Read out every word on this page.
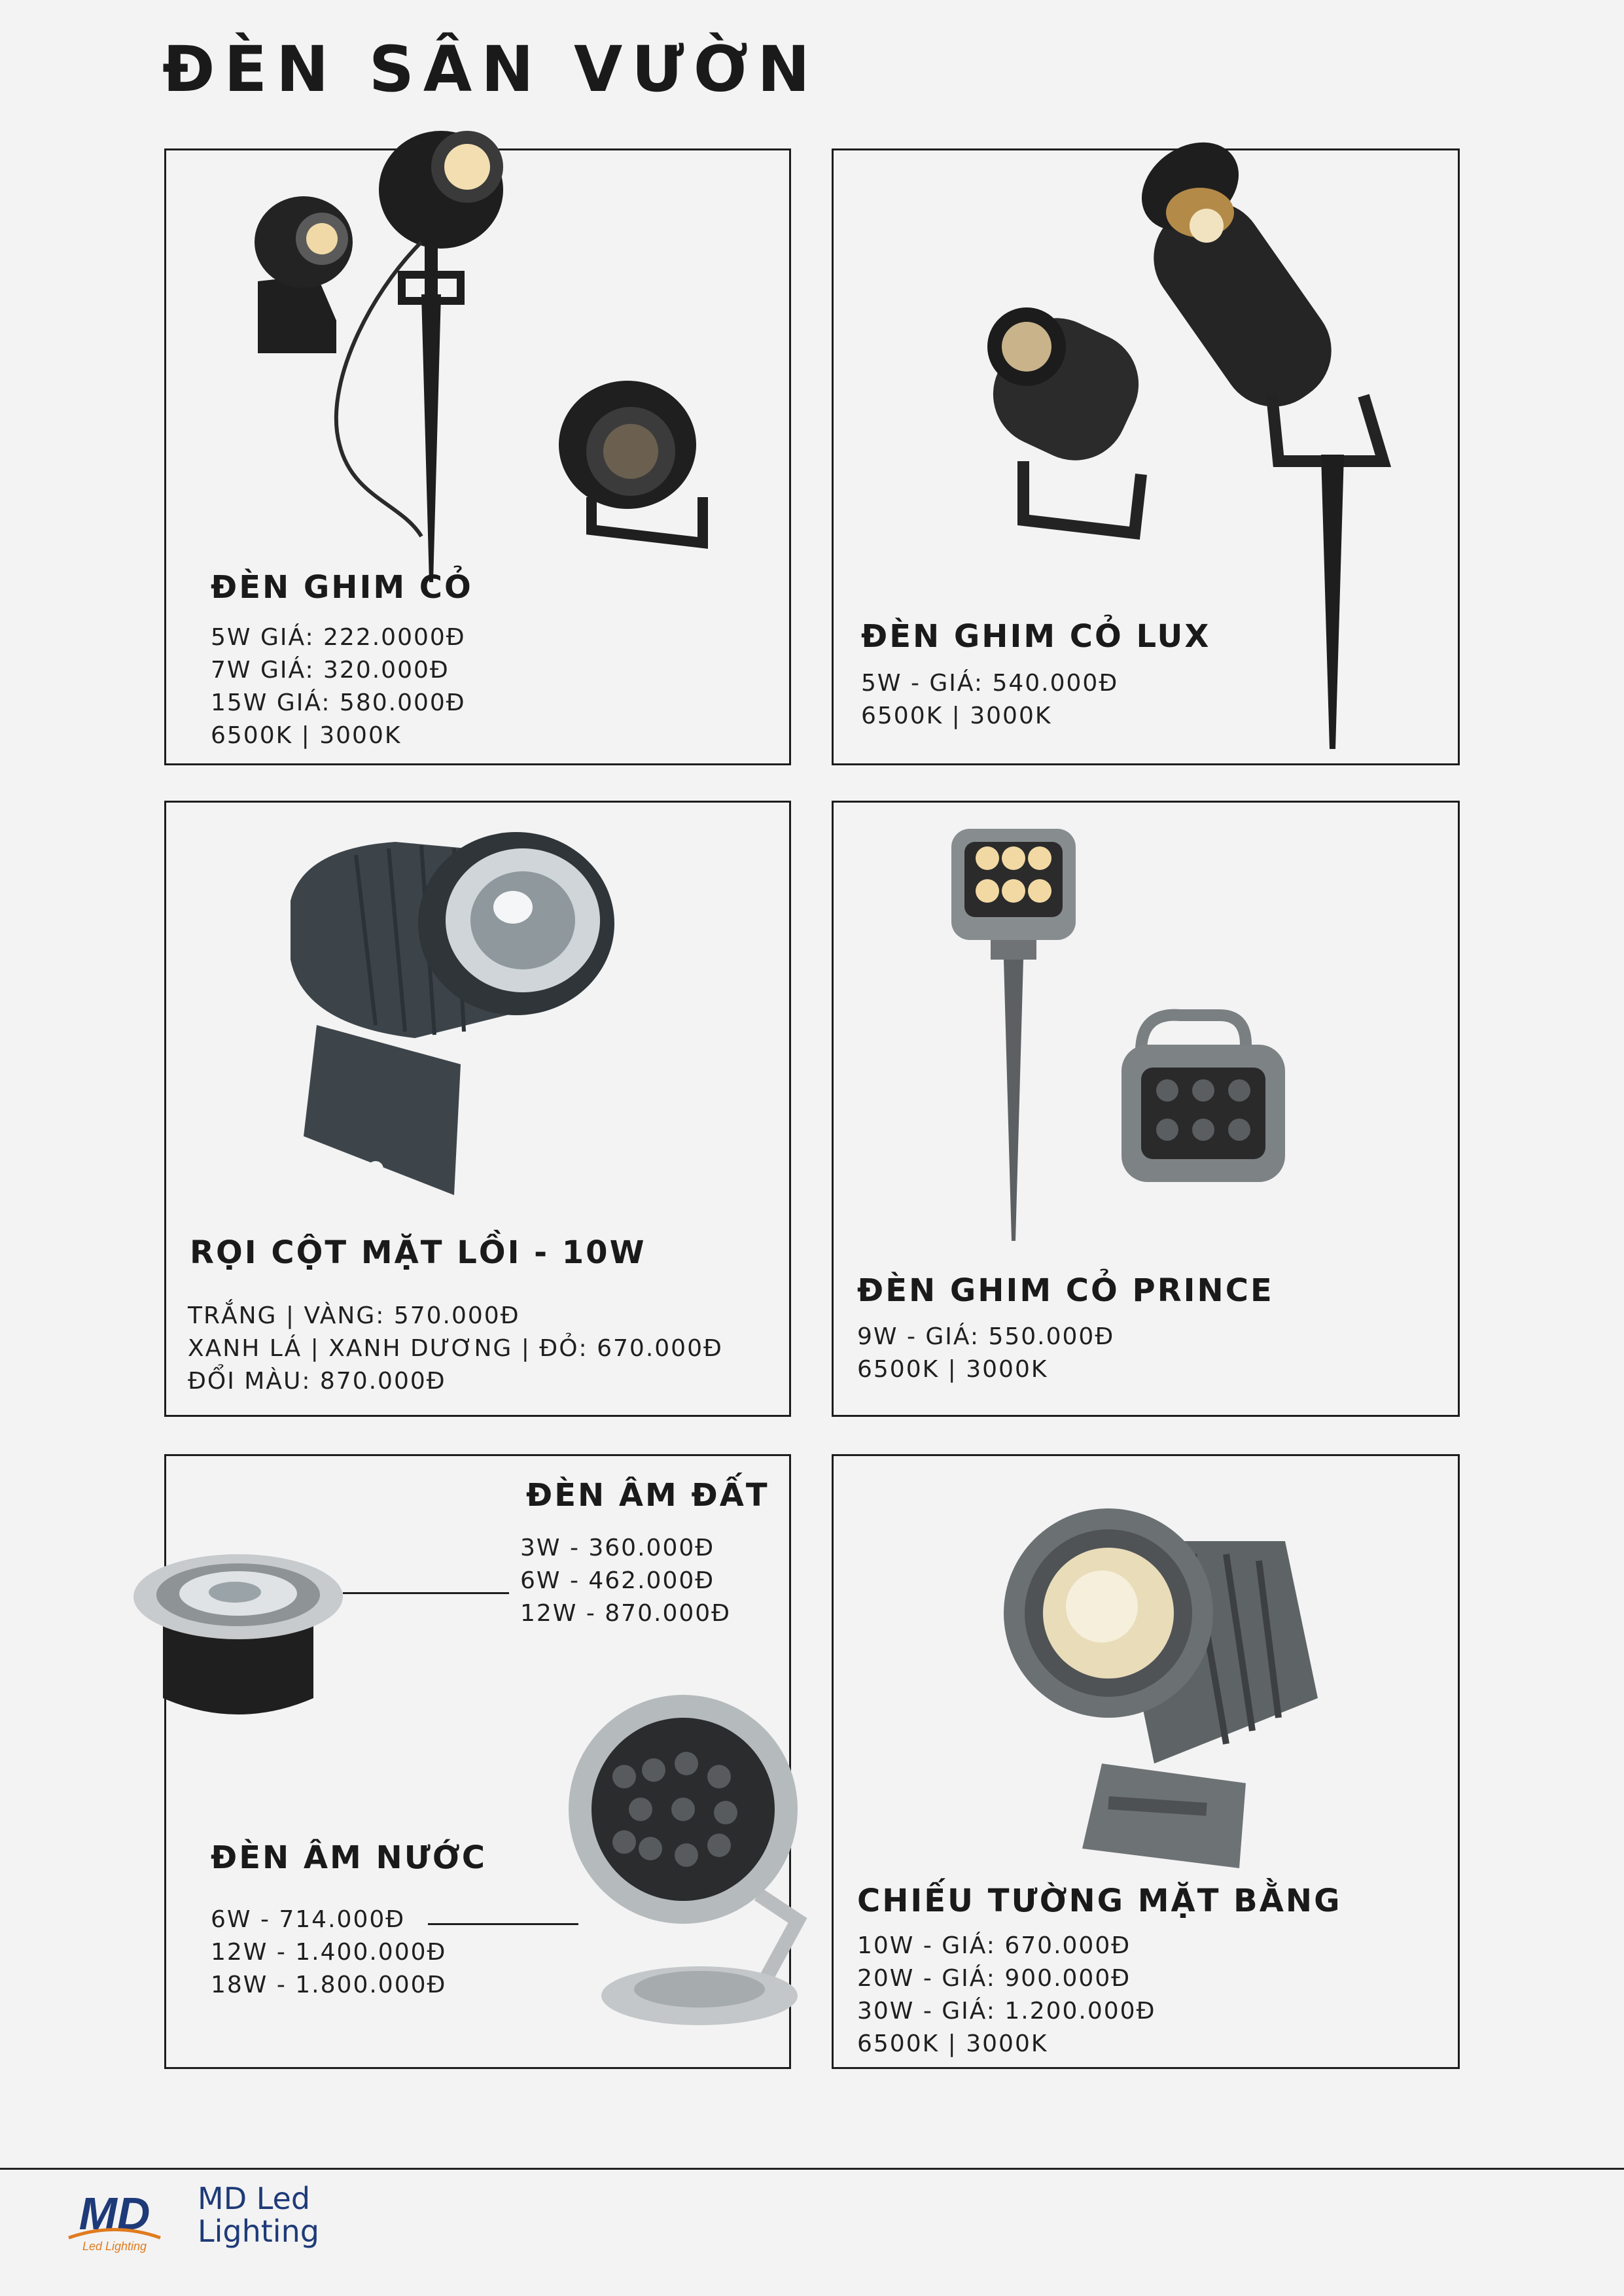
ĐÈN SÂN VƯỜN
ĐÈN GHIM CỎ
5W GIÁ: 222.0000Đ
7W GIÁ: 320.000Đ
15W GIÁ: 580.000Đ
6500K | 3000K
ĐÈN GHIM CỎ LUX
5W - GIÁ: 540.000Đ
6500K | 3000K
RỌI CỘT MẶT LỒI - 10W
TRẮNG | VÀNG: 570.000Đ
XANH LÁ | XANH DƯƠNG | ĐỎ: 670.000Đ
ĐỔI MÀU: 870.000Đ
ĐÈN GHIM CỎ PRINCE
9W - GIÁ: 550.000Đ
6500K | 3000K
ĐÈN ÂM ĐẤT
3W - 360.000Đ
6W - 462.000Đ
12W - 870.000Đ
ĐÈN ÂM NƯỚC
6W - 714.000Đ
12W - 1.400.000Đ
18W - 1.800.000Đ
CHIẾU TƯỜNG MẶT BẰNG
10W - GIÁ: 670.000Đ
20W - GIÁ: 900.000Đ
30W - GIÁ: 1.200.000Đ
6500K | 3000K
MD
Led Lighting
MD Led
Lighting
